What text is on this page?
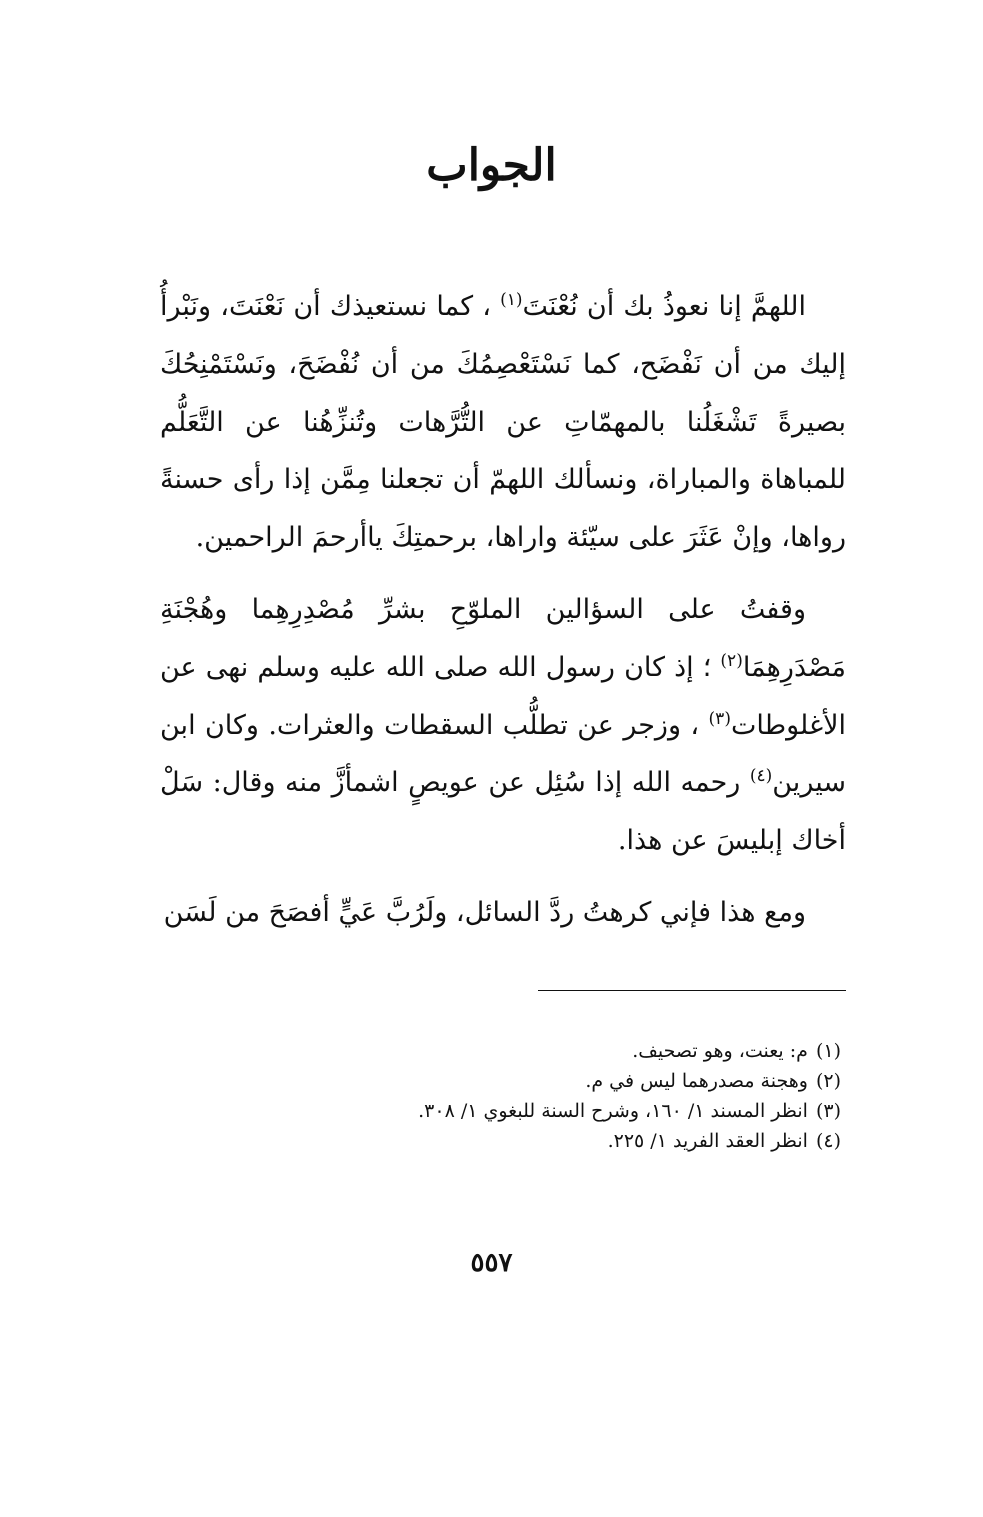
الجواب

اللهمَّ إنا نعوذُ بك أن نُعْنَتَ$^{(١)}$ ، كما نستعيذك أن نَعْنَتَ، ونَبْرأُ إليك من أن نَفْضَح، كما نَسْتَعْصِمُكَ من أن نُفْضَحَ، ونَسْتَمْنِحُكَ بصيرةً تَشْغَلُنا بالمهمّاتِ عن التُّرَّهات وتُنزِّهُنا عن التَّعَلُّم للمباهاة والمباراة، ونسألك اللهمّ أن تجعلنا مِمَّن إذا رأى حسنةً رواها، وإنْ عَثَرَ على سيّئة واراها، برحمتِكَ ياأرحمَ الراحمين.

وقفتُ على السؤالين الملوّحِ بشرِّ مُصْدِرِهِما وهُجْنَةِ مَصْدَرِهِمَا$^{(٢)}$ ؛ إذ كان رسول الله صلى الله عليه وسلم نهى عن الأغلوطات$^{(٣)}$ ، وزجر عن تطلُّب السقطات والعثرات. وكان ابن سيرين$^{(٤)}$ رحمه الله إذا سُئِل عن عويصٍ اشمأزَّ منه وقال: سَلْ أخاك إبليسَ عن هذا.

ومع هذا فإني كرهتُ ردَّ السائل، ولَرُبَّ عَيٍّ أفصَحَ من لَسَن

(١)م: يعنت، وهو تصحيف.
(٢)وهجنة مصدرهما ليس في م.
(٣)انظر المسند ١/ ١٦٠، وشرح السنة للبغوي ١/ ٣٠٨.
(٤)انظر العقد الفريد ١/ ٢٢٥.
٥٥٧
